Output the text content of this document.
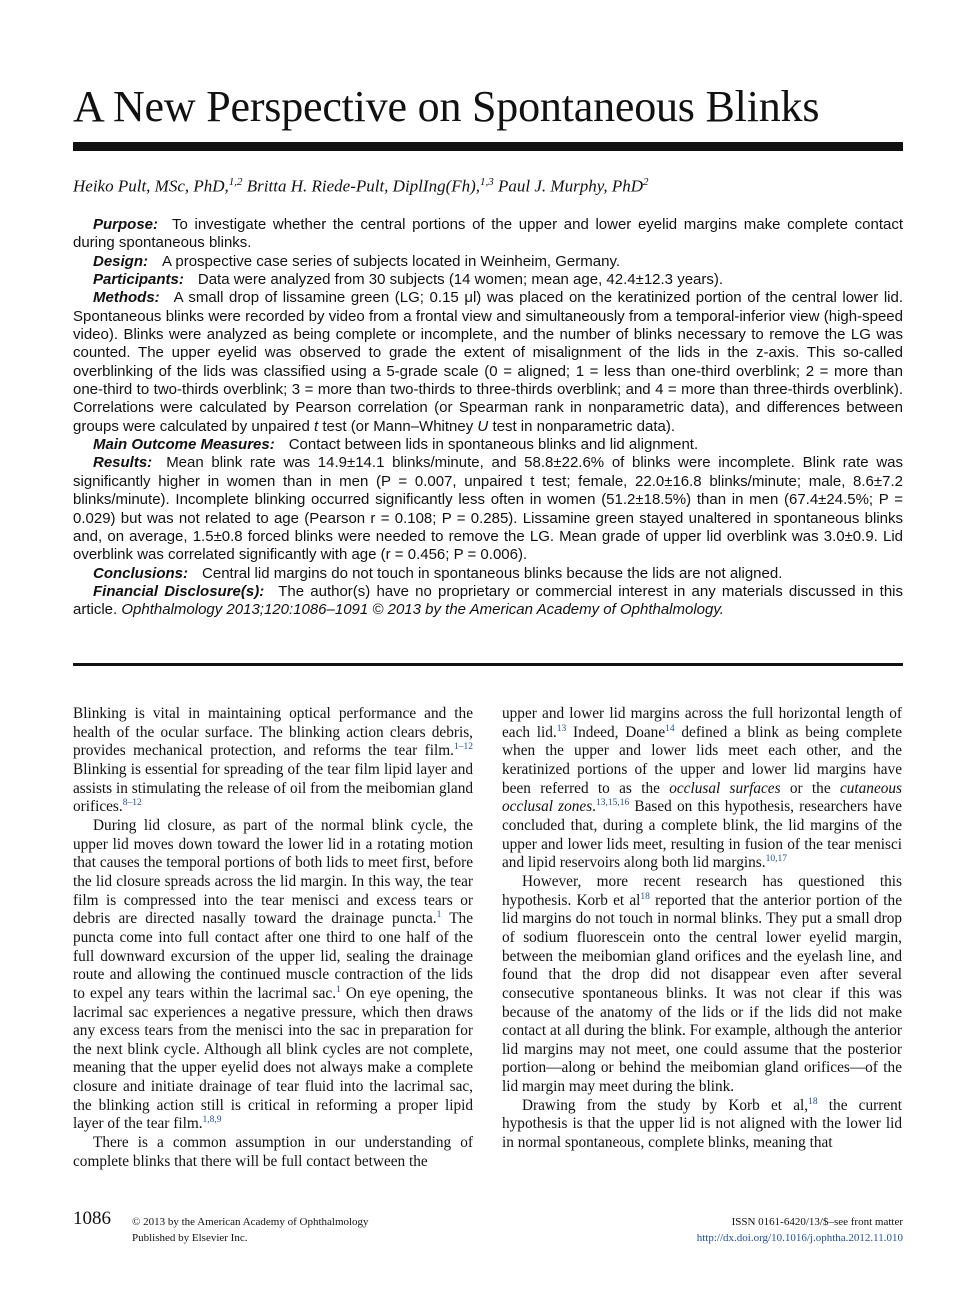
A New Perspective on Spontaneous Blinks
Heiko Pult, MSc, PhD,$^{1,2}$ Britta H. Riede-Pult, DiplIng(Fh),$^{1,3}$ Paul J. Murphy, PhD$^2$

Purpose: To investigate whether the central portions of the upper and lower eyelid margins make complete contact during spontaneous blinks.

Design: A prospective case series of subjects located in Weinheim, Germany.

Participants: Data were analyzed from 30 subjects (14 women; mean age, 42.4±12.3 years).

Methods: A small drop of lissamine green (LG; 0.15 μl) was placed on the keratinized portion of the central lower lid. Spontaneous blinks were recorded by video from a frontal view and simultaneously from a temporal-inferior view (high-speed video). Blinks were analyzed as being complete or incomplete, and the number of blinks necessary to remove the LG was counted. The upper eyelid was observed to grade the extent of misalignment of the lids in the z-axis. This so-called overblinking of the lids was classified using a 5-grade scale (0 = aligned; 1 = less than one-third overblink; 2 = more than one-third to two-thirds overblink; 3 = more than two-thirds to three-thirds overblink; and 4 = more than three-thirds overblink). Correlations were calculated by Pearson correlation (or Spearman rank in nonparametric data), and differences between groups were calculated by unpaired t test (or Mann–Whitney U test in nonparametric data).

Main Outcome Measures: Contact between lids in spontaneous blinks and lid alignment.

Results: Mean blink rate was 14.9±14.1 blinks/minute, and 58.8±22.6% of blinks were incomplete. Blink rate was significantly higher in women than in men (P = 0.007, unpaired t test; female, 22.0±16.8 blinks/minute; male, 8.6±7.2 blinks/minute). Incomplete blinking occurred significantly less often in women (51.2±18.5%) than in men (67.4±24.5%; P = 0.029) but was not related to age (Pearson r = 0.108; P = 0.285). Lissamine green stayed unaltered in spontaneous blinks and, on average, 1.5±0.8 forced blinks were needed to remove the LG. Mean grade of upper lid overblink was 3.0±0.9. Lid overblink was correlated significantly with age (r = 0.456; P = 0.006).

Conclusions: Central lid margins do not touch in spontaneous blinks because the lids are not aligned.

Financial Disclosure(s): The author(s) have no proprietary or commercial interest in any materials discussed in this article. Ophthalmology 2013;120:1086–1091 © 2013 by the American Academy of Ophthalmology.

Blinking is vital in maintaining optical performance and the health of the ocular surface. The blinking action clears debris, provides mechanical protection, and reforms the tear film.$^{1-12}$ Blinking is essential for spreading of the tear film lipid layer and assists in stimulating the release of oil from the meibomian gland orifices.$^{8-12}$

During lid closure, as part of the normal blink cycle, the upper lid moves down toward the lower lid in a rotating motion that causes the temporal portions of both lids to meet first, before the lid closure spreads across the lid margin. In this way, the tear film is compressed into the tear menisci and excess tears or debris are directed nasally toward the drainage puncta.$^1$ The puncta come into full contact after one third to one half of the full downward excursion of the upper lid, sealing the drainage route and allowing the continued muscle contraction of the lids to expel any tears within the lacrimal sac.$^1$ On eye opening, the lacrimal sac experiences a negative pressure, which then draws any excess tears from the menisci into the sac in preparation for the next blink cycle. Although all blink cycles are not complete, meaning that the upper eyelid does not always make a complete closure and initiate drainage of tear fluid into the lacrimal sac, the blinking action still is critical in reforming a proper lipid layer of the tear film.$^{1,8,9}$

There is a common assumption in our understanding of complete blinks that there will be full contact between the

upper and lower lid margins across the full horizontal length of each lid.$^{13}$ Indeed, Doane$^{14}$ defined a blink as being complete when the upper and lower lids meet each other, and the keratinized portions of the upper and lower lid margins have been referred to as the occlusal surfaces or the cutaneous occlusal zones.$^{13,15,16}$ Based on this hypothesis, researchers have concluded that, during a complete blink, the lid margins of the upper and lower lids meet, resulting in fusion of the tear menisci and lipid reservoirs along both lid margins.$^{10,17}$

However, more recent research has questioned this hypothesis. Korb et $al^{18}$ reported that the anterior portion of the lid margins do not touch in normal blinks. They put a small drop of sodium fluorescein onto the central lower eyelid margin, between the meibomian gland orifices and the eyelash line, and found that the drop did not disappear even after several consecutive spontaneous blinks. It was not clear if this was because of the anatomy of the lids or if the lids did not make contact at all during the blink. For example, although the anterior lid margins may not meet, one could assume that the posterior portion—along or behind the meibomian gland orifices—of the lid margin may meet during the blink.

Drawing from the study by Korb et al,$^{18}$ the current hypothesis is that the upper lid is not aligned with the lower lid in normal spontaneous, complete blinks, meaning that

1086 © 2013 by the American Academy of Ophthalmology
Published by Elsevier Inc.
ISSN 0161-6420/13/$–see front matter
http://dx.doi.org/10.1016/j.ophtha.2012.11.010
